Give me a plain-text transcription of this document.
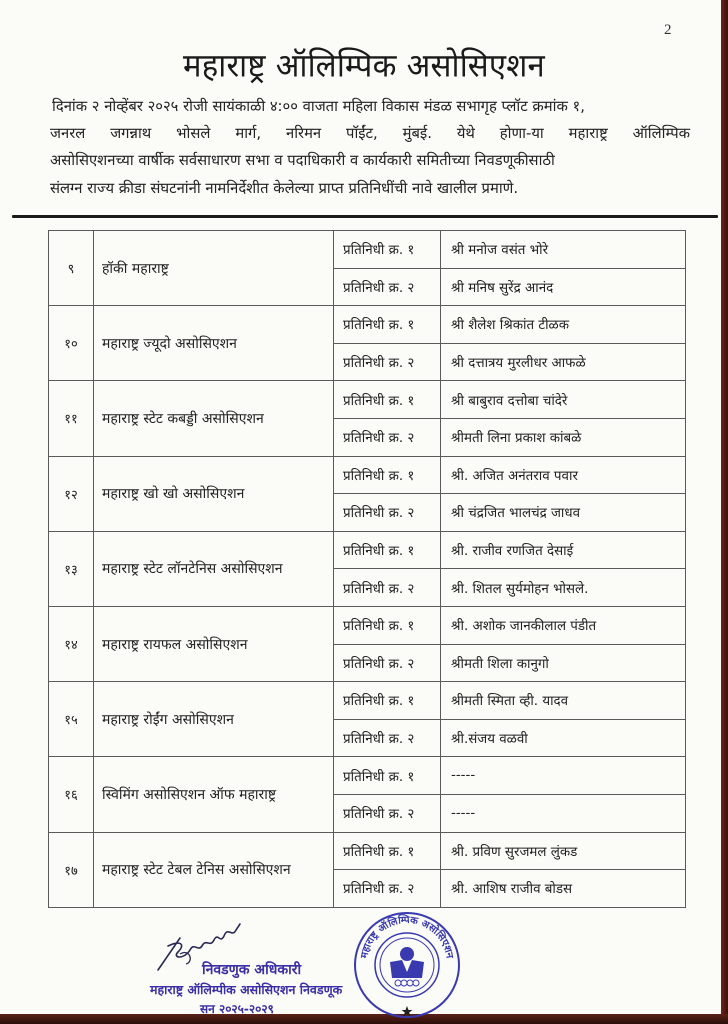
2
महाराष्ट्र ऑलिम्पिक असोसिएशन
दिनांक २ नोव्हेंबर २०२५ रोजी सायंकाळी ४:०० वाजता महिला विकास मंडळ सभागृह प्लॉट क्रमांक १,
जनरल जगन्नाथ भोसले मार्ग, नरिमन पॉईंट, मुंबई. येथे होणा-या महाराष्ट्र ऑलिम्पिक
असोसिएशनच्या वार्षीक सर्वसाधारण सभा व पदाधिकारी व कार्यकारी समितीच्या निवडणूकीसाठी
संलग्न राज्य क्रीडा संघटनांनी नामनिर्देशीत केलेल्या प्राप्त प्रतिनिधींची नावे खालील प्रमाणे.
९	हॉकी महाराष्ट्र	प्रतिनिधी क्र. १	श्री मनोज वसंत भोरे
		प्रतिनिधी क्र. २	श्री मनिष सुरेंद्र आनंद
१०	महाराष्ट्र ज्यूदो असोसिएशन	प्रतिनिधी क्र. १	श्री शैलेश श्रिकांत टीळक
		प्रतिनिधी क्र. २	श्री दत्तात्रय मुरलीधर आफळे
११	महाराष्ट्र स्टेट कबड्डी असोसिएशन	प्रतिनिधी क्र. १	श्री बाबुराव दत्तोबा चांदेरे
		प्रतिनिधी क्र. २	श्रीमती लिना प्रकाश कांबळे
१२	महाराष्ट्र खो खो असोसिएशन	प्रतिनिधी क्र. १	श्री. अजित अनंतराव पवार
		प्रतिनिधी क्र. २	श्री चंद्रजित भालचंद्र जाधव
१३	महाराष्ट्र स्टेट लॉनटेनिस असोसिएशन	प्रतिनिधी क्र. १	श्री. राजीव रणजित देसाई
		प्रतिनिधी क्र. २	श्री. शितल सुर्यमोहन भोसले.
१४	महाराष्ट्र रायफल असोसिएशन	प्रतिनिधी क्र. १	श्री. अशोक जानकीलाल पंडीत
		प्रतिनिधी क्र. २	श्रीमती शिला कानुगो
१५	महाराष्ट्र रोईंग असोसिएशन	प्रतिनिधी क्र. १	श्रीमती स्मिता व्ही. यादव
		प्रतिनिधी क्र. २	श्री.संजय वळवी
१६	स्विमिंग असोसिएशन ऑफ महाराष्ट्र	प्रतिनिधी क्र. १	-----
		प्रतिनिधी क्र. २	-----
१७	महाराष्ट्र स्टेट टेबल टेनिस असोसिएशन	प्रतिनिधी क्र. १	श्री. प्रविण सुरजमल लुंकड
		प्रतिनिधी क्र. २	श्री. आशिष राजीव बोडस
निवडणुक अधिकारी
महाराष्ट्र ऑलिम्पीक असोसिएशन निवडणूक
सन २०२५-२०२९
महाराष्ट्र ऑलिम्पिक असोसिएशन
